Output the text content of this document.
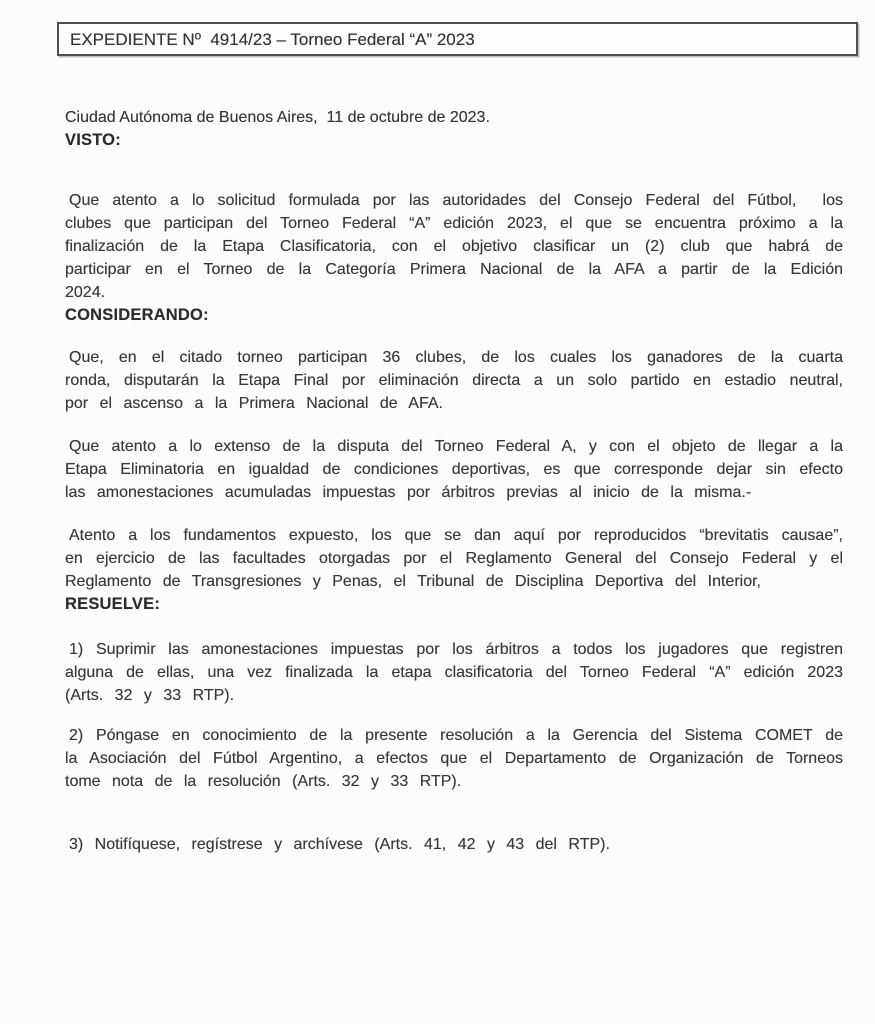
EXPEDIENTE Nº  4914/23 – Torneo Federal “A” 2023

Ciudad Autónoma de Buenos Aires,  11 de octubre de 2023.

VISTO:

Que atento a lo solicitud formulada por las autoridades del Consejo Federal del Fútbol,  los clubes que participan del Torneo Federal “A” edición 2023, el que se encuentra próximo a la finalización de la Etapa Clasificatoria, con el objetivo clasificar un (2) club que habrá de participar en el Torneo de la Categoría Primera Nacional de la AFA a partir de la Edición 2024.

CONSIDERANDO:

Que, en el citado torneo participan 36 clubes, de los cuales los ganadores de la cuarta ronda, disputarán la Etapa Final por eliminación directa a un solo partido en estadio neutral, por el ascenso a la Primera Nacional de AFA.

Que atento a lo extenso de la disputa del Torneo Federal A, y con el objeto de llegar a la Etapa Eliminatoria en igualdad de condiciones deportivas, es que corresponde dejar sin efecto las amonestaciones acumuladas impuestas por árbitros previas al inicio de la misma.-

Atento a los fundamentos expuesto, los que se dan aquí por reproducidos “brevitatis causae”, en ejercicio de las facultades otorgadas por el Reglamento General del Consejo Federal y el Reglamento de Transgresiones y Penas, el Tribunal de Disciplina Deportiva del Interior,

RESUELVE:

1) Suprimir las amonestaciones impuestas por los árbitros a todos los jugadores que registren alguna de ellas, una vez finalizada la etapa clasificatoria del Torneo Federal “A” edición 2023 (Arts. 32 y 33 RTP).

2) Póngase en conocimiento de la presente resolución a la Gerencia del Sistema COMET de la Asociación del Fútbol Argentino, a efectos que el Departamento de Organización de Torneos tome nota de la resolución (Arts. 32 y 33 RTP).

3) Notifíquese, regístrese y archívese (Arts. 41, 42 y 43 del RTP).
